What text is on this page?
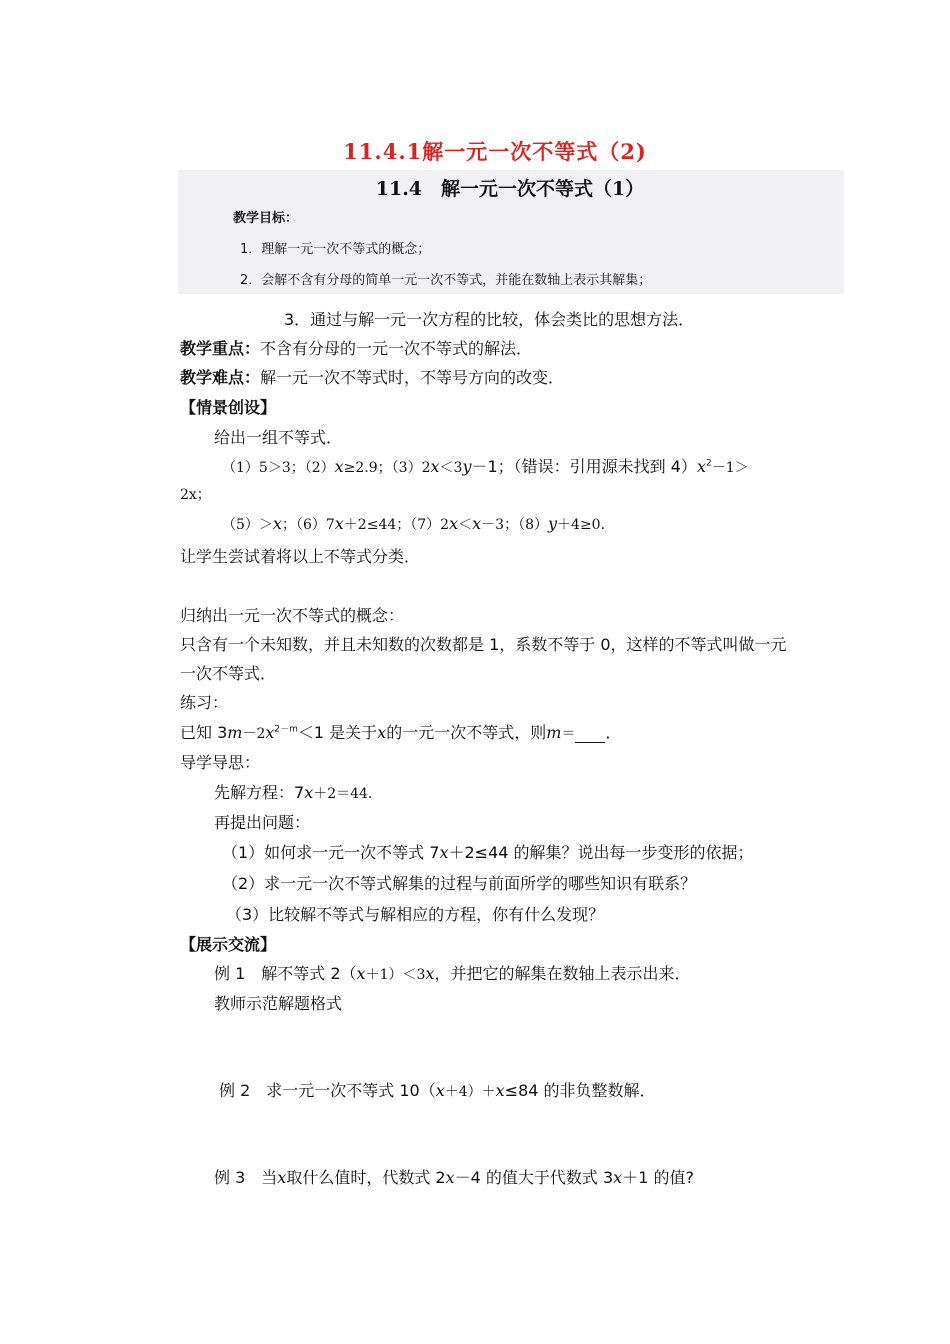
11.4.1解一元一次不等式（2)
11.4　解一元一次不等式（1）
教学目标：
1．理解一元一次不等式的概念；
2．会解不含有分母的简单一元一次不等式，并能在数轴上表示其解集；
3．通过与解一元一次方程的比较，体会类比的思想方法．
教学重点：不含有分母的一元一次不等式的解法．
教学难点：解一元一次不等式时，不等号方向的改变．
【情景创设】
给出一组不等式．
（1）5＞3；（2）x≥2.9；（3）2x＜3y－1；（错误：引用源未找到 $4)x^2-1>$
2x；
（5）＞x；（6）7x＋2≤44；（7）2x＜x－3；（8）y＋4≥0．
让学生尝试着将以上不等式分类．
归纳出一元一次不等式的概念：
只含有一个未知数，并且未知数的次数都是 1，系数不等于 0，这样的不等式叫做一元
一次不等式．
练习：
已知 $3m-2x^{2-m}<1$ 是关于x的一元一次不等式，则m＝ ．
导学导思：
先解方程：7x＋2＝44．
再提出问题：
（1）如何求一元一次不等式 7x＋2≤44 的解集？说出每一步变形的依据；
（2）求一元一次不等式解集的过程与前面所学的哪些知识有联系？
（3）比较解不等式与解相应的方程，你有什么发现？
【展示交流】
例 1　解不等式 2（x＋1）＜3x，并把它的解集在数轴上表示出来．
教师示范解题格式
例 2　求一元一次不等式 10（x＋4）＋x≤84 的非负整数解．
例 3　当x取什么值时，代数式 2x－4 的值大于代数式 3x＋1 的值?
